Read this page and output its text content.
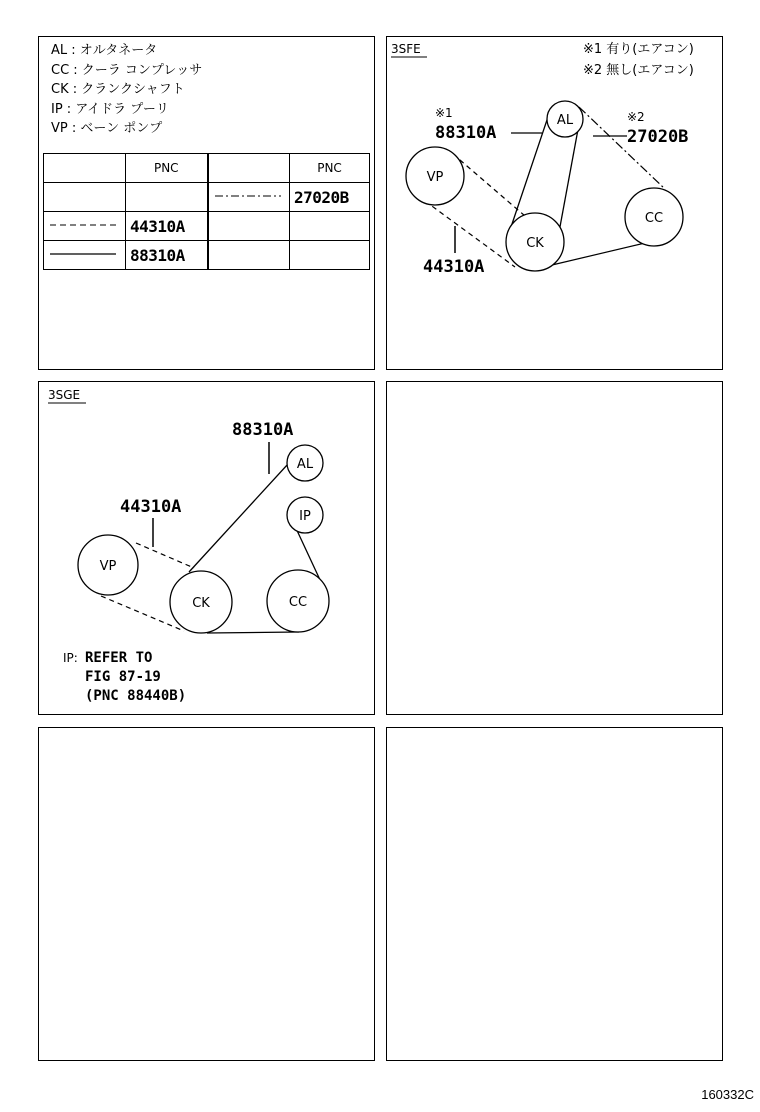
AL : オルタネータ
CC : クーラ コンプレッサ
CK : クランクシャフト
IP : アイドラ プーリ
VP : ベーン ポンプ
	PNC		PNC
			27020B
	44310A		
	88310A		
3SFE	※1 有り(エアコン)
※2 無し(エアコン)
AL
VP
CK
CC
※1
88310A
※2
27020B
44310A
3SGE
AL
IP
VP
CK	CC
88310A
44310A
IP: REFER TO
FIG 87-19
(PNC 88440B)
160332C
